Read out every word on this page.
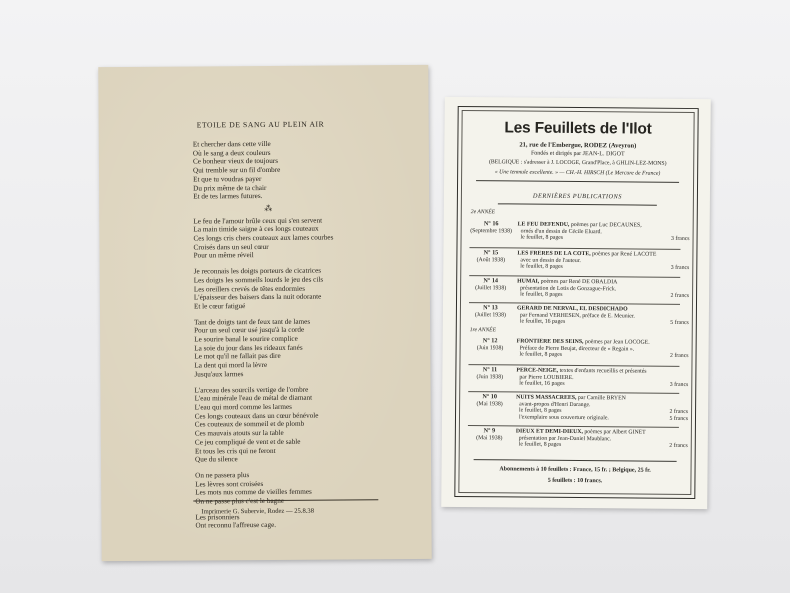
ETOILE DE SANG AU PLEIN AIR
Et chercher dans cette ville
Où le sang a deux couleurs
Ce bonheur vieux de toujours
Qui tremble sur un fil d'ombre
Et que tu voudras payer
Du prix même de ta chair
Et de tes larmes futures.
⁂
Le feu de l'amour brûle ceux qui s'en servent
La main timide saigne à ces longs couteaux
Ces longs cris chers couteaux aux lames courbes
Croisés dans un seul cœur
Pour un même réveil
Je reconnais les doigts porteurs de cicatrices
Les doigts les sommeils lourds le jeu des cils
Les oreillers crevés de têtes endormies
L'épaisseur des baisers dans la nuit odorante
Et le cœur fatigué
Tant de doigts tant de feux tant de lames
Pour un seul cœur usé jusqu'à la corde
Le sourire banal le sourire complice
La soie du jour dans les rideaux fanés
Le mot qu'il ne fallait pas dire
La dent qui mord la lèvre
Jusqu'aux larmes
L'arceau des sourcils vertige de l'ombre
L'eau minérale l'eau de métal de diamant
L'eau qui mord comme les larmes
Ces longs couteaux dans un cœur bénévole
Ces couteaux de sommeil et de plomb
Ces mauvais atouts sur la table
Ce jeu compliqué de vent et de sable
Et tous les cris qui ne feront
Que du silence
On ne passera plus
Les lèvres sont croisées
Les mots nus comme de vieilles femmes
On ne passe plus c'est le bagne
Les prisonniers
Ont reconnu l'affreuse cage.
Imprimerie G. Subervie, Rodez — 25.8.38
Les Feuillets de l'Ilot
21, rue de l'Embergue, RODEZ (Aveyron)
Fondés et dirigés par JEAN-L. DIGOT
(BELGIQUE : s'adresser à J. LOCOGE, Grand'Place, à GHLIN-LEZ-MONS)
« Une tenmule excellente. » — CH.-H. HIRSCH (Le Mercure de France)
DERNIÈRES PUBLICATIONS
2e ANNÉE
1re ANNÉE
N° 16
(Septembre 1938)
LE FEU DEFENDU, poèmes par Luc DECAUNES,
ornés d'un dessin de Cécile Eluard.
le feuillet, 8 pages	3 francs
N° 15
(Août 1938)
LES FRERES DE LA COTE, poèmes par René LACOTE
avec un dessin de l'auteur.
le feuillet, 8 pages	3 francs
N° 14
(Juillet 1938)
HUMAI, poèmes par René DE OBALDIA
présentation de Lotis de Gonzague-Frick.
le feuillet, 8 pages	2 francs
N° 13
(Juillet 1938)
GERARD DE NERVAL, EL DESDICHADO
par Fernand VERHESEN, préface de E. Meunier.
le feuillet, 16 pages	5 francs
N° 12
(Juin 1938)
FRONTIERE DES SEINS, poèmes par Jean LOCOGE.
Préface de Pierre Beujat, directeur de « Regain ».
le feuillet, 8 pages	2 francs
N° 11
(Juin 1938)
PERCE-NEIGE, textes d'enfants recueillis et présentés
par Pierre LOUBIERE.
le feuillet, 16 pages	3 francs
N° 10
(Mai 1938)
NUITS MASSACREES, par Camille BRYEN
avant-propos d'Henri Darange.
le feuillet, 8 pages	2 francs
l'exemplaire sous couverture originale.	5 francs
N° 9
(Mai 1938)
DIEUX ET DEMI-DIEUX, poèmes par Albert GINET
présentation par Jean-Daniel Maublanc.
le feuillet, 8 pages	2 francs
Abonnements à 10 feuillets : France, 15 fr. ; Belgique, 25 fr.
5 feuillets : 10 francs.
